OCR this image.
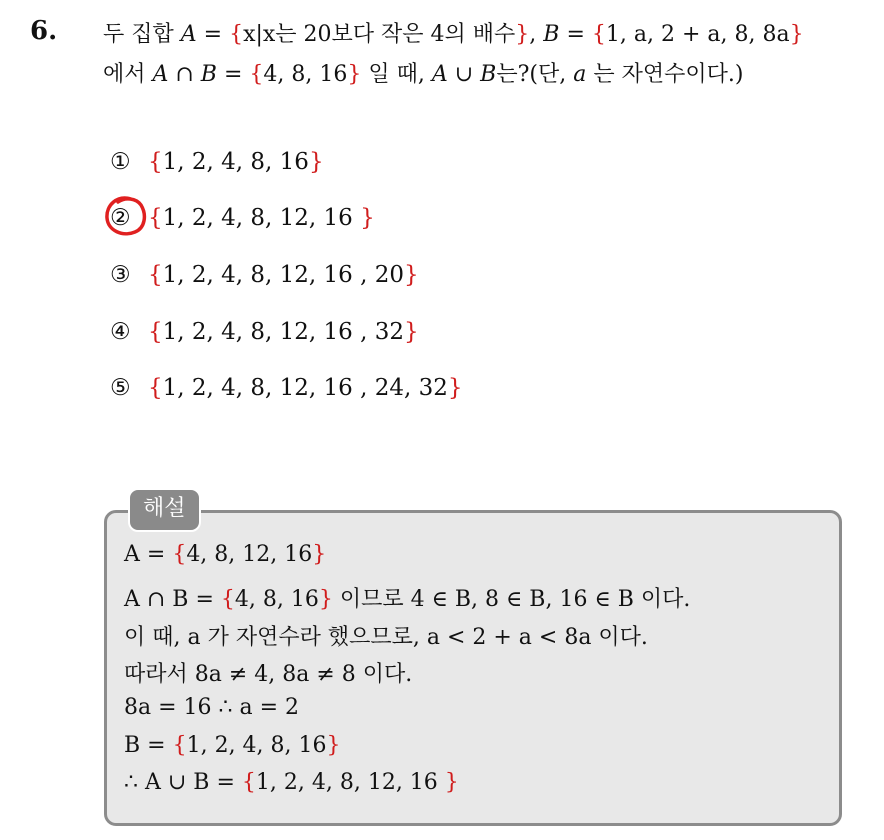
6. 두 집합 A = {x|x는 20보다 작은 4의 배수}, B = {1, a, 2 + a, 8, 8a}
에서 A ∩ B = {4, 8, 16} 일 때, A ∪ B는?(단, a 는 자연수이다.)
① {1, 2, 4, 8, 16}
② {1, 2, 4, 8, 12, 16 }
③ {1, 2, 4, 8, 12, 16 , 20}
④ {1, 2, 4, 8, 12, 16 , 32}
⑤ {1, 2, 4, 8, 12, 16 , 24, 32}
해설
A = {4, 8, 12, 16}
A ∩ B = {4, 8, 16} 이므로 4 ∈ B, 8 ∈ B, 16 ∈ B 이다.
이 때, a 가 자연수라 했으므로, a < 2 + a < 8a 이다.
따라서 8a ≠ 4, 8a ≠ 8 이다.
8a = 16 ∴ a = 2
B = {1, 2, 4, 8, 16}
∴ A ∪ B = {1, 2, 4, 8, 12, 16 }
